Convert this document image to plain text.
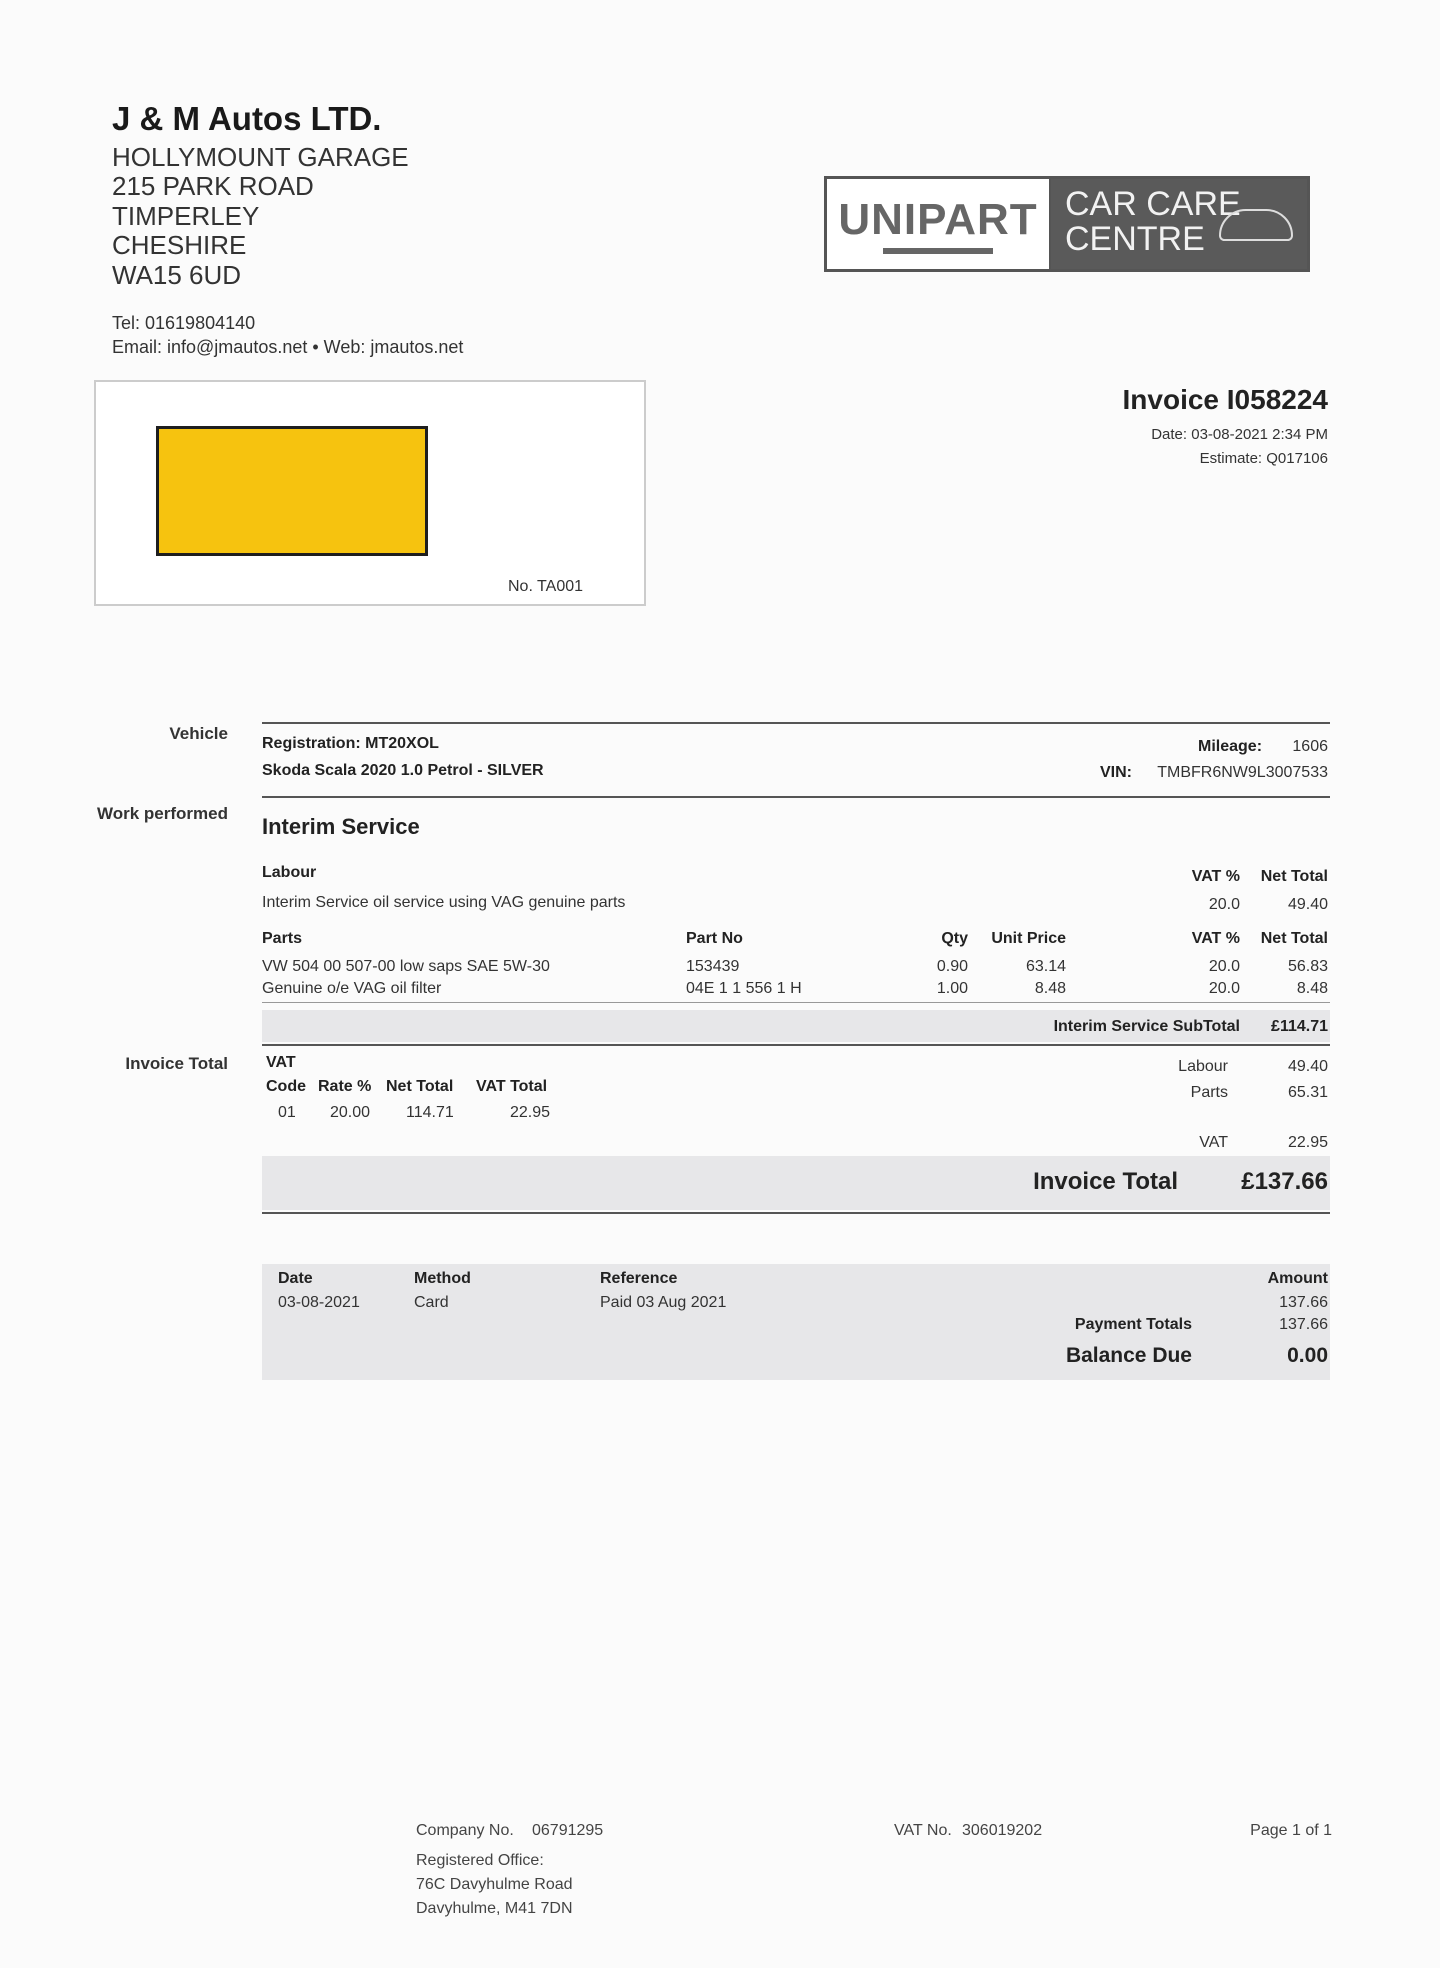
J & M Autos LTD.
HOLLYMOUNT GARAGE
215 PARK ROAD
TIMPERLEY
CHESHIRE
WA15 6UD
Tel: 01619804140
Email: info@jmautos.net • Web: jmautos.net
UNIPART CAR CARE
CENTRE
No. TA001
Invoice I058224
Date: 03-08-2021 2:34 PM
Estimate: Q017106
Vehicle
Registration: MT20XOL
Skoda Scala 2020 1.0 Petrol - SILVER
Mileage: 1606
VIN: TMBFR6NW9L3007533
Work performed
Interim Service
Labour	VAT % Net Total
Interim Service oil service using VAG genuine parts	20.0	49.40
Parts	Part No	Qty Unit Price	VAT % Net Total
VW 504 00 507-00 low saps SAE 5W-30	153439	0.90	63.14	20.0	56.83
Genuine o/e VAG oil filter	04E 1 1 556 1 H	1.00	8.48	20.0	8.48
Interim Service SubTotal £114.71
Invoice Total VAT
Code Rate % Net Total VAT Total
01 20.00 114.71	22.95
Labour	49.40
Parts	65.31
VAT	22.95
Invoice Total	£137.66
Date	Method	Reference	Amount
03-08-2021	Card	Paid 03 Aug 2021	137.66
Payment Totals	137.66
Balance Due	0.00
Company No. 06791295
Registered Office:
76C Davyhulme Road
Davyhulme, M41 7DN
VAT No. 306019202	Page 1 of 1
